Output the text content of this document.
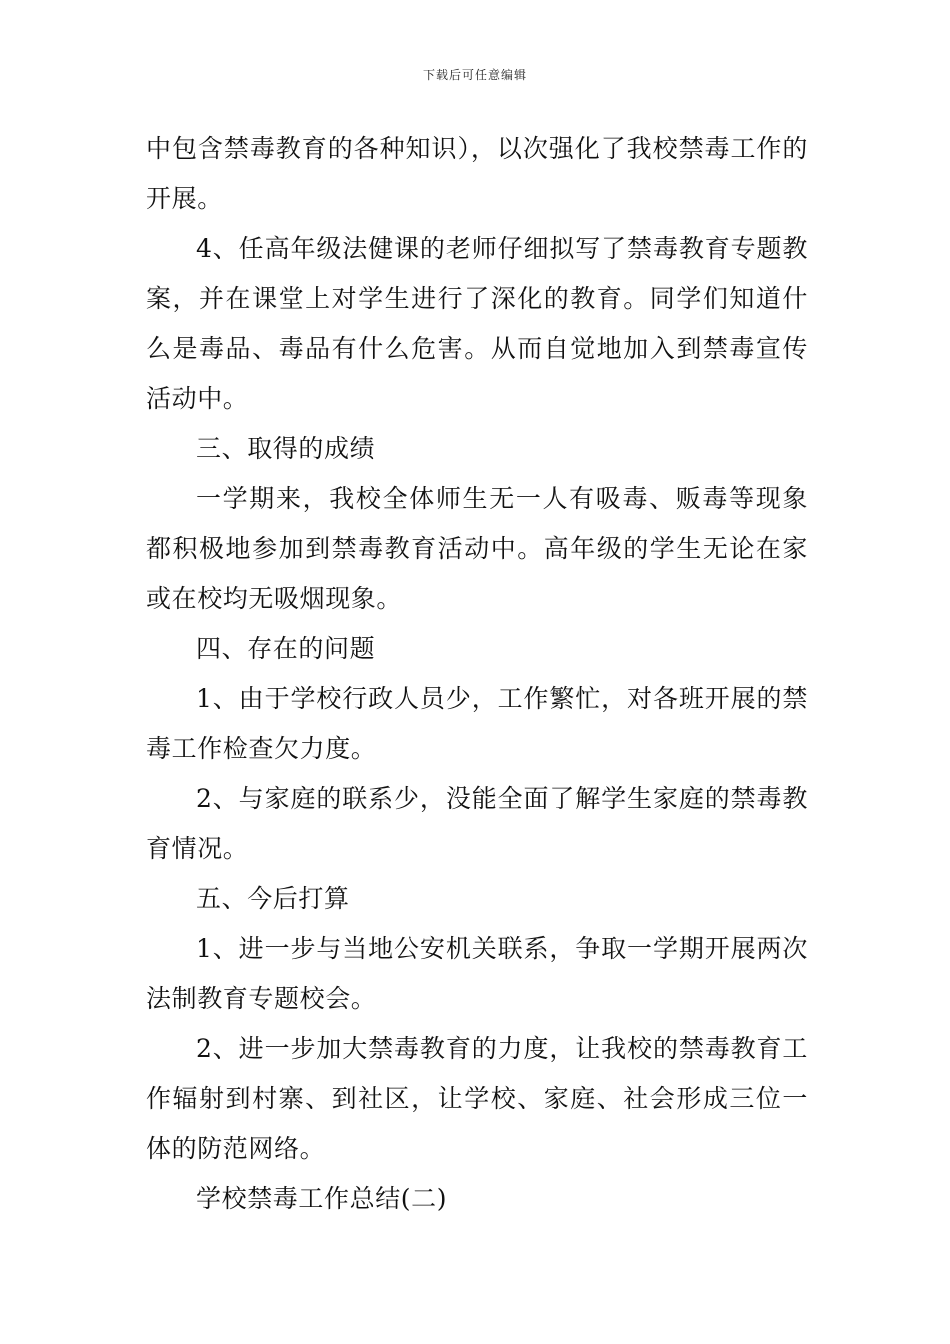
下载后可任意编辑

中包含禁毒教育的各种知识），以次强化了我校禁毒工作的开展。

4、任高年级法健课的老师仔细拟写了禁毒教育专题教案，并在课堂上对学生进行了深化的教育。同学们知道什么是毒品、毒品有什么危害。从而自觉地加入到禁毒宣传活动中。

三、取得的成绩

一学期来，我校全体师生无一人有吸毒、贩毒等现象都积极地参加到禁毒教育活动中。高年级的学生无论在家或在校均无吸烟现象。

四、存在的问题

1、由于学校行政人员少，工作繁忙，对各班开展的禁毒工作检查欠力度。

2、与家庭的联系少，没能全面了解学生家庭的禁毒教育情况。

五、今后打算

1、进一步与当地公安机关联系，争取一学期开展两次法制教育专题校会。

2、进一步加大禁毒教育的力度，让我校的禁毒教育工作辐射到村寨、到社区，让学校、家庭、社会形成三位一体的防范网络。

学校禁毒工作总结(二)
